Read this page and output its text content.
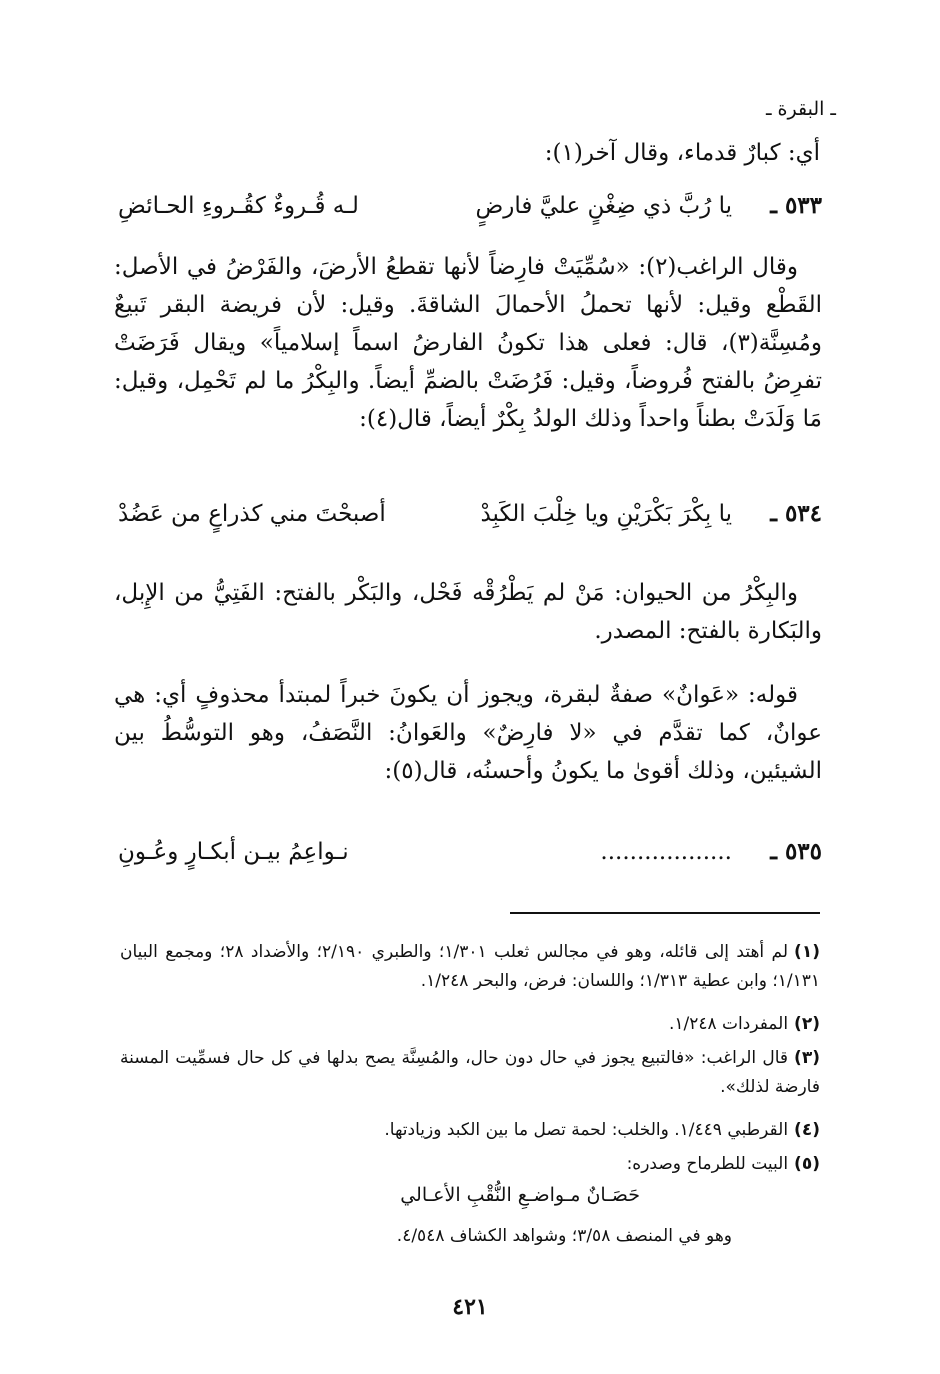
ـ البقرة ـ
أي: كبارٌ قدماء، وقال آخر(١):
٥٣٣ ـ
يا رُبَّ ذي ضِغْنٍ عليَّ فارضٍ
لـه قُـروءٌ كقُـروءِ الحـائضِ
وقال الراغب(٢): «سُمِّيَتْ فارِضاً لأنها تقطعُ الأرضَ، والفَرْضُ في الأصل: القَطْع وقيل: لأنها تحملُ الأحمالَ الشاقةَ. وقيل: لأن فريضة البقر تَبيعٌ ومُسِنَّة(٣)، قال: فعلى هذا تكونُ الفارضُ اسماً إسلامياً» ويقال فَرَضَتْ تفرِضُ بالفتح فُروضاً، وقيل: فَرُضَتْ بالضمِّ أيضاً. والبِكْرُ ما لم تَحْمِل، وقيل: مَا وَلَدَتْ بطناً واحداً وذلك الولدُ بِكْرٌ أيضاً، قال(٤):
٥٣٤ ـ
يا بِكْرَ بَكْرَيْنِ ويا خِلْبَ الكَبِدْ
أصبحْتَ مني كذراعٍ من عَضُدْ
والبِكْرُ من الحيوان: مَنْ لم يَطْرُقْه فَحْل، والبَكْر بالفتح: الفَتِيُّ من الإِبل، والبَكارة بالفتح: المصدر.
قوله: «عَوانٌ» صفةٌ لبقرة، ويجوز أن يكونَ خبراً لمبتدأ محذوفٍ أي: هي عوانٌ، كما تقدَّم في «لا فارِضٌ» والعَوانُ: النَّصَفُ، وهو التوسُّطُ بين الشيئين، وذلك أقوىٰ ما يكونُ وأحسنُه، قال(٥):
٥٣٥ ـ
..................
نـواعِمُ بيـن أبكـارٍ وعُـونِ
(١)لم أهتد إلى قائله، وهو في مجالس ثعلب ١/٣٠١؛ والطبري ٢/١٩٠؛ والأضداد ٢٨؛ ومجمع البيان ١/١٣١؛ وابن عطية ١/٣١٣؛ واللسان: فرض، والبحر ١/٢٤٨.
(٢)المفردات ١/٢٤٨.
(٣)قال الراغب: «فالتبيع يجوز في حال دون حال، والمُسِنَّة يصح بدلها في كل حال فسمِّيت المسنة فارضة لذلك».
(٤)القرطبي ١/٤٤٩. والخلب: لحمة تصل ما بين الكبد وزيادتها.
(٥)البيت للطرماح وصدره:
حَصَـانٌ مـواضـعِ النُّقْبِ الأعـالي
وهو في المنصف ٣/٥٨؛ وشواهد الكشاف ٤/٥٤٨.
٤٢١
